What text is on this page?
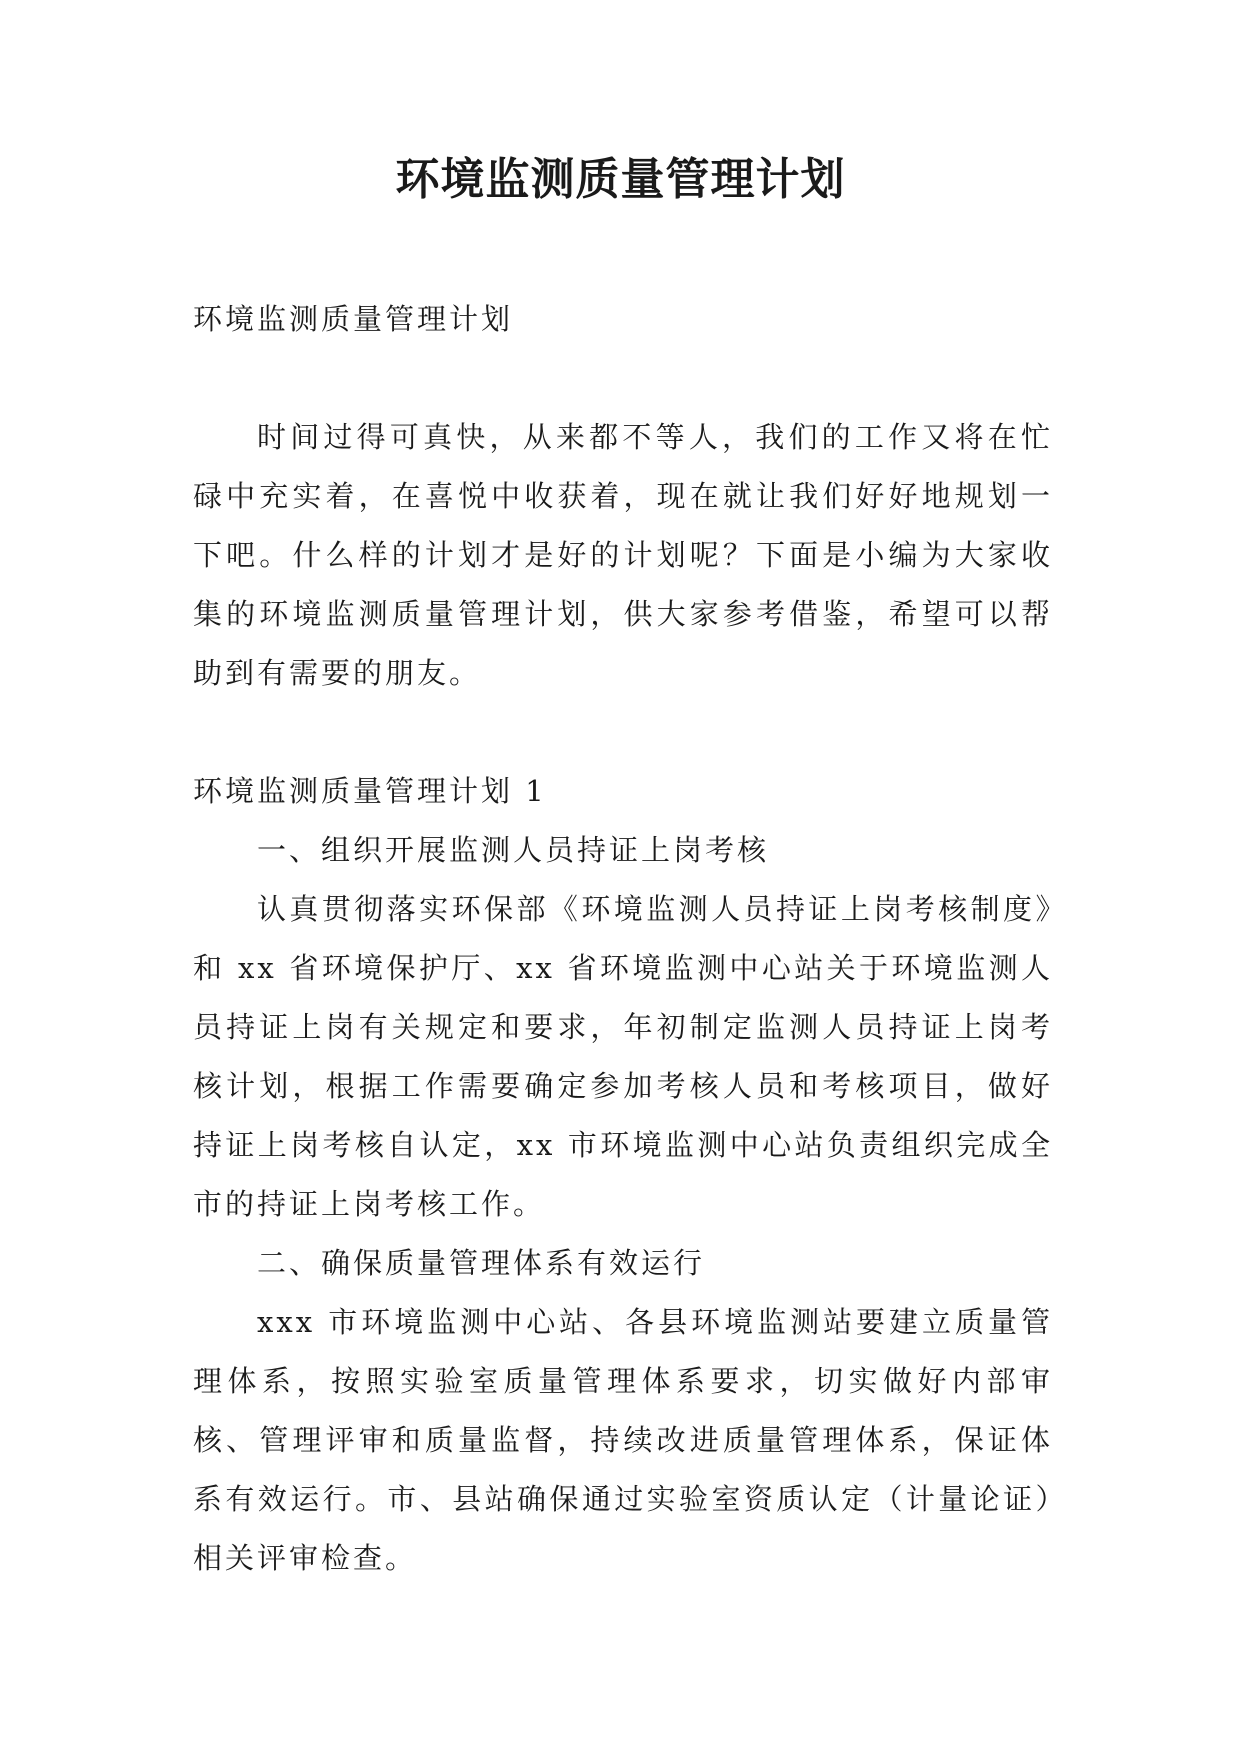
环境监测质量管理计划

环境监测质量管理计划

时间过得可真快，从来都不等人，我们的工作又将在忙碌中充实着，在喜悦中收获着，现在就让我们好好地规划一下吧。什么样的计划才是好的计划呢？下面是小编为大家收集的环境监测质量管理计划，供大家参考借鉴，希望可以帮助到有需要的朋友。

环境监测质量管理计划 1

一、组织开展监测人员持证上岗考核

认真贯彻落实环保部《环境监测人员持证上岗考核制度》和 xx 省环境保护厅、xx 省环境监测中心站关于环境监测人员持证上岗有关规定和要求，年初制定监测人员持证上岗考核计划，根据工作需要确定参加考核人员和考核项目，做好持证上岗考核自认定，xx 市环境监测中心站负责组织完成全市的持证上岗考核工作。

二、确保质量管理体系有效运行

xxx 市环境监测中心站、各县环境监测站要建立质量管理体系，按照实验室质量管理体系要求，切实做好内部审核、管理评审和质量监督，持续改进质量管理体系，保证体系有效运行。市、县站确保通过实验室资质认定（计量论证）相关评审检查。
